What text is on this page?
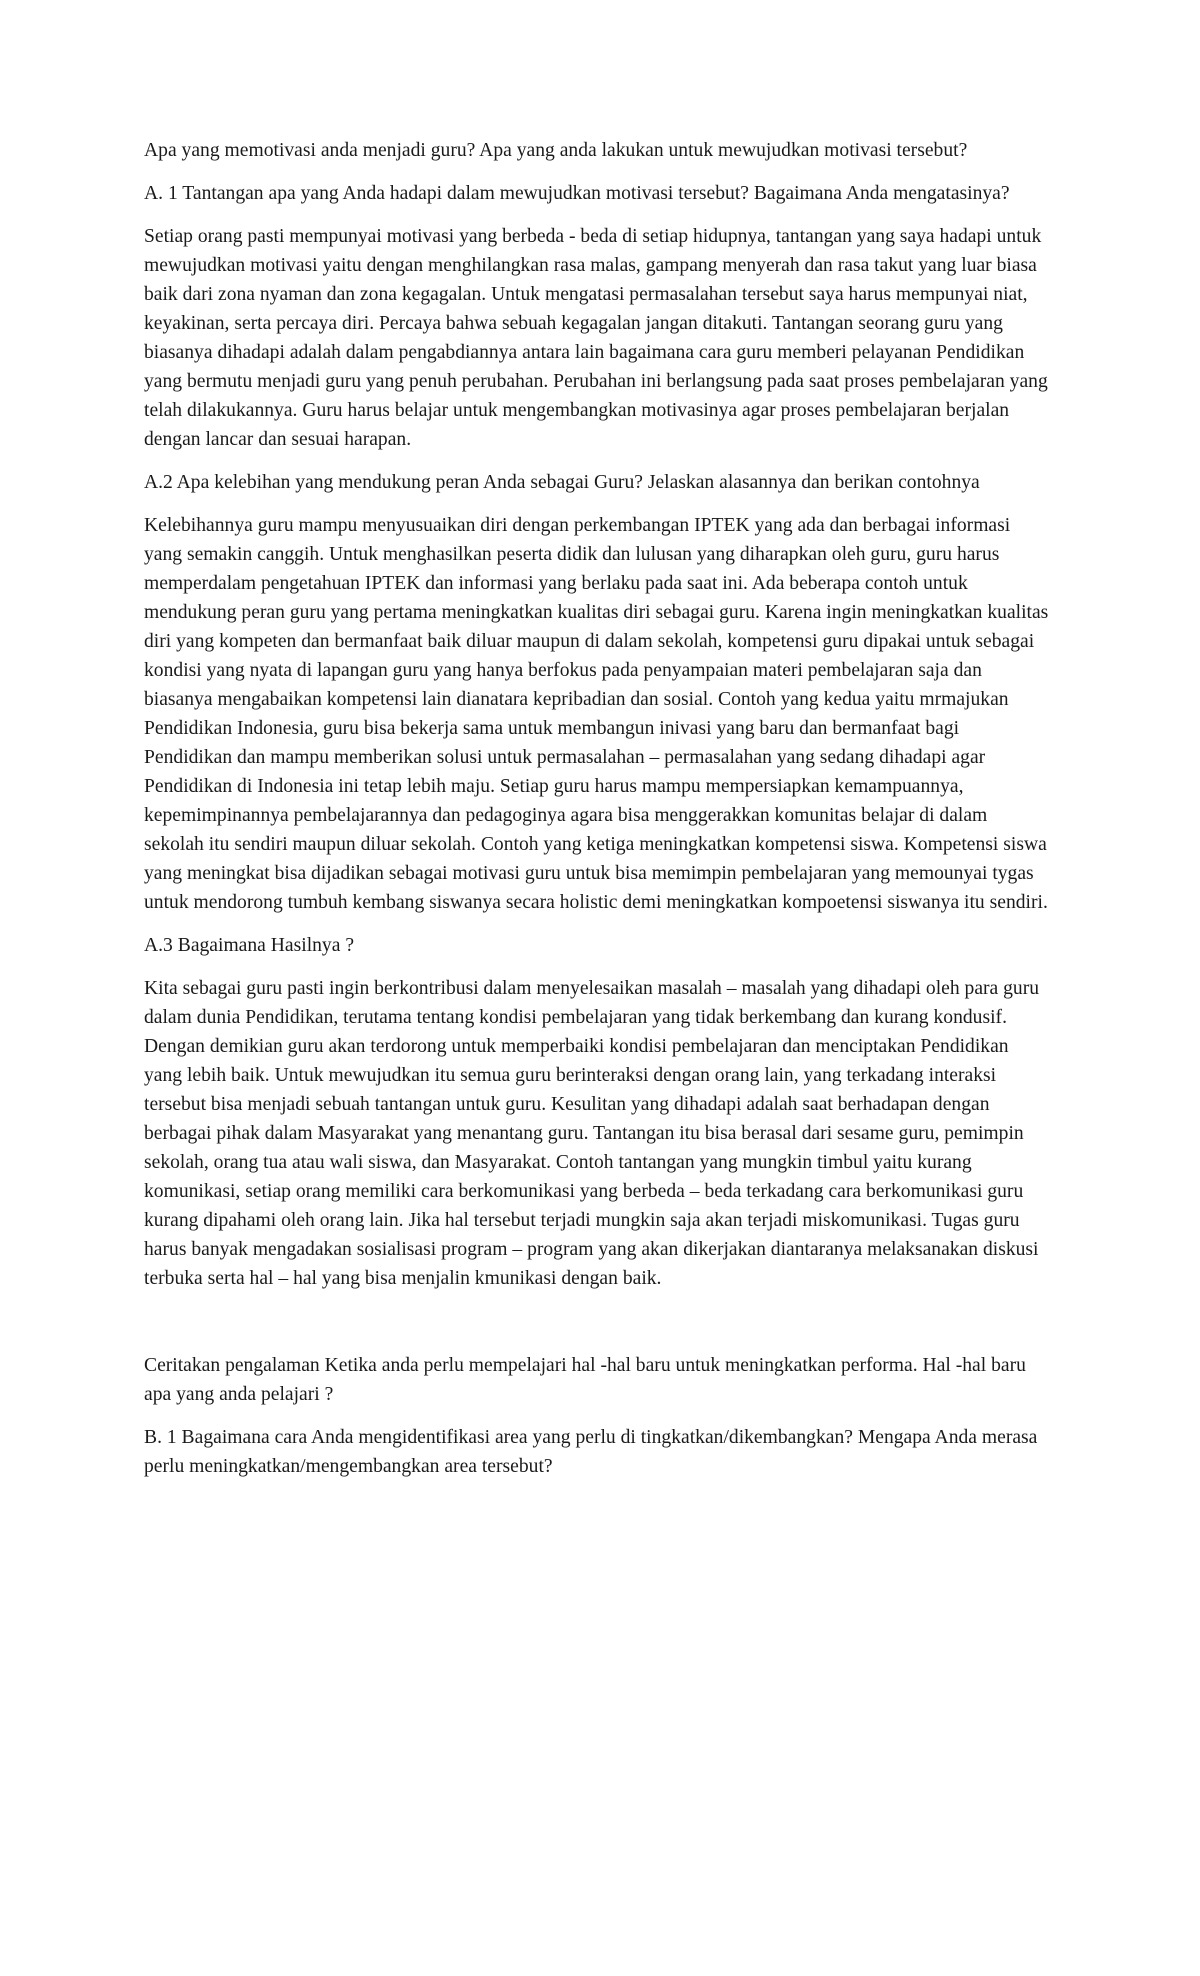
Apa yang memotivasi anda menjadi guru? Apa yang anda lakukan untuk mewujudkan motivasi tersebut?

A. 1 Tantangan apa yang Anda hadapi dalam mewujudkan motivasi tersebut? Bagaimana Anda mengatasinya?

Setiap orang pasti mempunyai motivasi yang berbeda - beda di setiap hidupnya, tantangan yang saya hadapi untuk mewujudkan motivasi yaitu dengan menghilangkan rasa malas, gampang menyerah dan rasa takut yang luar biasa baik dari zona nyaman dan zona kegagalan. Untuk mengatasi permasalahan tersebut saya harus mempunyai niat, keyakinan, serta percaya diri. Percaya bahwa sebuah kegagalan jangan ditakuti. Tantangan seorang guru yang biasanya dihadapi adalah dalam pengabdiannya antara lain bagaimana cara guru memberi pelayanan Pendidikan yang bermutu menjadi guru yang penuh perubahan. Perubahan ini berlangsung pada saat proses pembelajaran yang telah dilakukannya. Guru harus belajar untuk mengembangkan motivasinya agar proses pembelajaran berjalan dengan lancar dan sesuai harapan.

A.2 Apa kelebihan yang mendukung peran Anda sebagai Guru? Jelaskan alasannya dan berikan contohnya

Kelebihannya guru mampu menyusuaikan diri dengan perkembangan IPTEK yang ada dan berbagai informasi yang semakin canggih. Untuk menghasilkan peserta didik dan lulusan yang diharapkan oleh guru, guru harus memperdalam pengetahuan IPTEK dan informasi yang berlaku pada saat ini. Ada beberapa contoh untuk mendukung peran guru yang pertama meningkatkan kualitas diri sebagai guru. Karena ingin meningkatkan kualitas diri yang kompeten dan bermanfaat baik diluar maupun di dalam sekolah, kompetensi guru dipakai untuk sebagai kondisi yang nyata di lapangan guru yang hanya berfokus pada penyampaian materi pembelajaran saja dan biasanya mengabaikan kompetensi lain dianatara kepribadian dan sosial. Contoh yang kedua yaitu mrmajukan Pendidikan Indonesia, guru bisa bekerja sama untuk membangun inivasi yang baru dan bermanfaat bagi Pendidikan dan mampu memberikan solusi untuk permasalahan – permasalahan yang sedang dihadapi agar Pendidikan di Indonesia ini tetap lebih maju. Setiap guru harus mampu mempersiapkan kemampuannya, kepemimpinannya pembelajarannya dan pedagoginya agara bisa menggerakkan komunitas belajar di dalam sekolah itu sendiri maupun diluar sekolah. Contoh yang ketiga meningkatkan kompetensi siswa. Kompetensi siswa yang meningkat bisa dijadikan sebagai motivasi guru untuk bisa memimpin pembelajaran yang memounyai tygas untuk mendorong tumbuh kembang siswanya secara holistic demi meningkatkan kompoetensi siswanya itu sendiri.

A.3 Bagaimana Hasilnya ?

Kita sebagai guru pasti ingin berkontribusi dalam menyelesaikan masalah – masalah yang dihadapi oleh para guru dalam dunia Pendidikan, terutama tentang kondisi pembelajaran yang tidak berkembang dan kurang kondusif. Dengan demikian guru akan terdorong untuk memperbaiki kondisi pembelajaran dan menciptakan Pendidikan yang lebih baik. Untuk mewujudkan itu semua guru berinteraksi dengan orang lain, yang terkadang interaksi tersebut bisa menjadi sebuah tantangan untuk guru. Kesulitan yang dihadapi adalah saat berhadapan dengan berbagai pihak dalam Masyarakat yang menantang guru. Tantangan itu bisa berasal dari sesame guru, pemimpin sekolah, orang tua atau wali siswa, dan Masyarakat. Contoh tantangan yang mungkin timbul yaitu kurang komunikasi, setiap orang memiliki cara berkomunikasi yang berbeda – beda terkadang cara berkomunikasi guru kurang dipahami oleh orang lain. Jika hal tersebut terjadi mungkin saja akan terjadi miskomunikasi. Tugas guru harus banyak mengadakan sosialisasi program – program yang akan dikerjakan diantaranya melaksanakan diskusi terbuka serta hal – hal yang bisa menjalin kmunikasi dengan baik.

Ceritakan pengalaman Ketika anda perlu mempelajari hal -hal baru untuk meningkatkan performa. Hal -hal baru apa yang anda pelajari ?

B. 1 Bagaimana cara Anda mengidentifikasi area yang perlu di tingkatkan/dikembangkan? Mengapa Anda merasa perlu meningkatkan/mengembangkan area tersebut?
